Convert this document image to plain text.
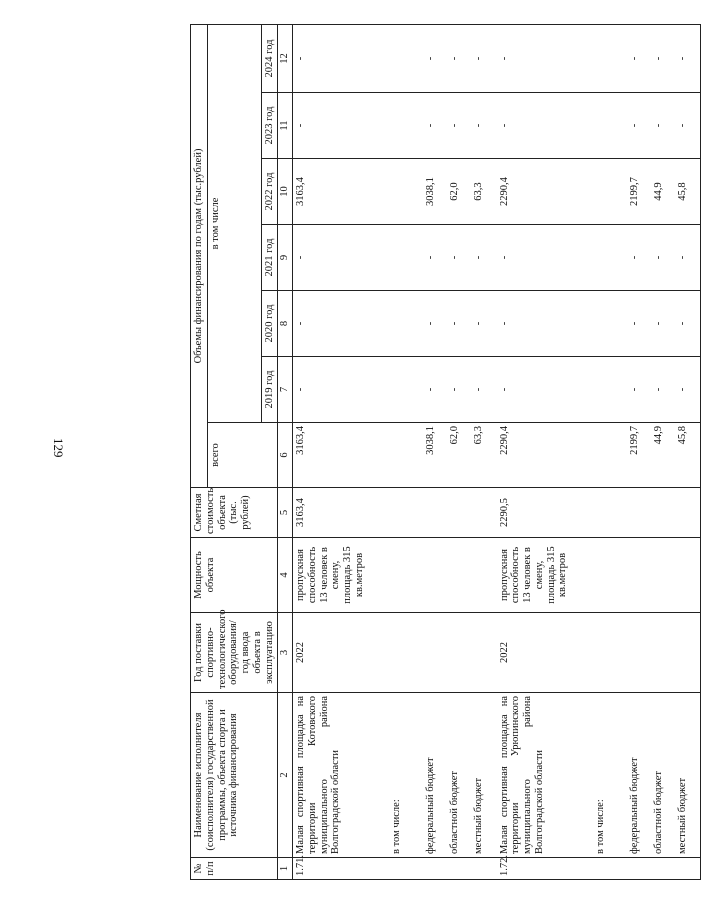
129
№ п/п	Наименование исполнителя (соисполнителя) государственной программы, объекта спорта и источника финансирования	Год поставки спортивно-технологического оборудования/ год ввода объекта в эксплуатацию	Мощность объекта	Сметная стоимость объекта (тыс. рублей)	Объемы финансирования по годам (тыс.рублей)						
					всего	в том числе					
						2019 год	2020 год	2021 год	2022 год	2023 год	2024 год
1	2	3	4	5	6	7	8	9	10	11	12
1.71.	Малая спортивная площадка на территории Котовского муниципального района Волгоградской области	2022	пропускная способность 13 человек в смену, площадь 315 кв.метров	3163,4	3163,4	-	-	-	3163,4	-	-
	в том числе:										
	федеральный бюджет				3038,1	-	-	-	3038,1	-	-
	областной бюджет				62,0	-	-	-	62,0	-	-
	местный бюджет				63,3	-	-	-	63,3	-	-
1.72.	Малая спортивная площадка на территории Урюпинского муниципального района Волгоградской области	2022	пропускная способность 13 человек в смену, площадь 315 кв.метров	2290,5	2290,4	-	-	-	2290,4	-	-
	в том числе:										
	федеральный бюджет				2199,7	-	-	-	2199,7	-	-
	областной бюджет				44,9	-	-	-	44,9	-	-
	местный бюджет				45,8	-	-	-	45,8	-	-
